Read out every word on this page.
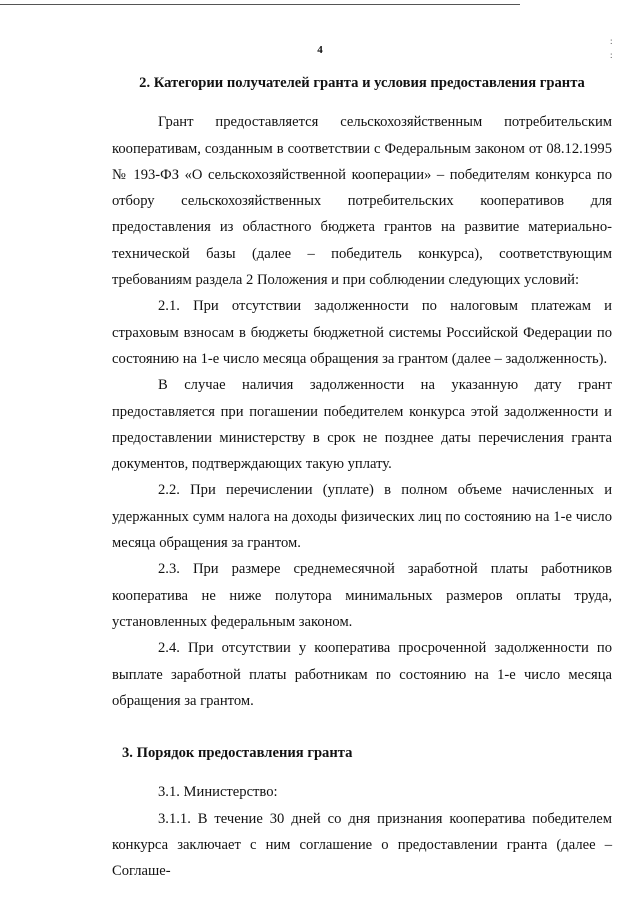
4
:
:
2. Категории получателей гранта и условия предоставления гранта

Грант предоставляется сельскохозяйственным потребительским кооперативам, созданным в соответствии с Федеральным законом от 08.12.1995 № 193-ФЗ «О сельскохозяйственной кооперации» – победителям конкурса по отбору сельскохозяйственных потребительских кооперативов для предоставления из областного бюджета грантов на развитие материально-технической базы (далее – победитель конкурса), соответствующим требованиям раздела 2 Положения и при соблюдении следующих условий:

2.1. При отсутствии задолженности по налоговым платежам и страховым взносам в бюджеты бюджетной системы Российской Федерации по состоянию на 1-е число месяца обращения за грантом (далее – задолженность).

В случае наличия задолженности на указанную дату грант предоставляется при погашении победителем конкурса этой задолженности и предоставлении министерству в срок не позднее даты перечисления гранта документов, подтверждающих такую уплату.

2.2. При перечислении (уплате) в полном объеме начисленных и удержанных сумм налога на доходы физических лиц по состоянию на 1-е число месяца обращения за грантом.

2.3. При размере среднемесячной заработной платы работников кооператива не ниже полутора минимальных размеров оплаты труда, установленных федеральным законом.

2.4. При отсутствии у кооператива просроченной задолженности по выплате заработной платы работникам по состоянию на 1-е число месяца обращения за грантом.

3. Порядок предоставления гранта

3.1. Министерство:

3.1.1. В течение 30 дней со дня признания кооператива победителем конкурса заключает с ним соглашение о предоставлении гранта (далее – Соглаше-
